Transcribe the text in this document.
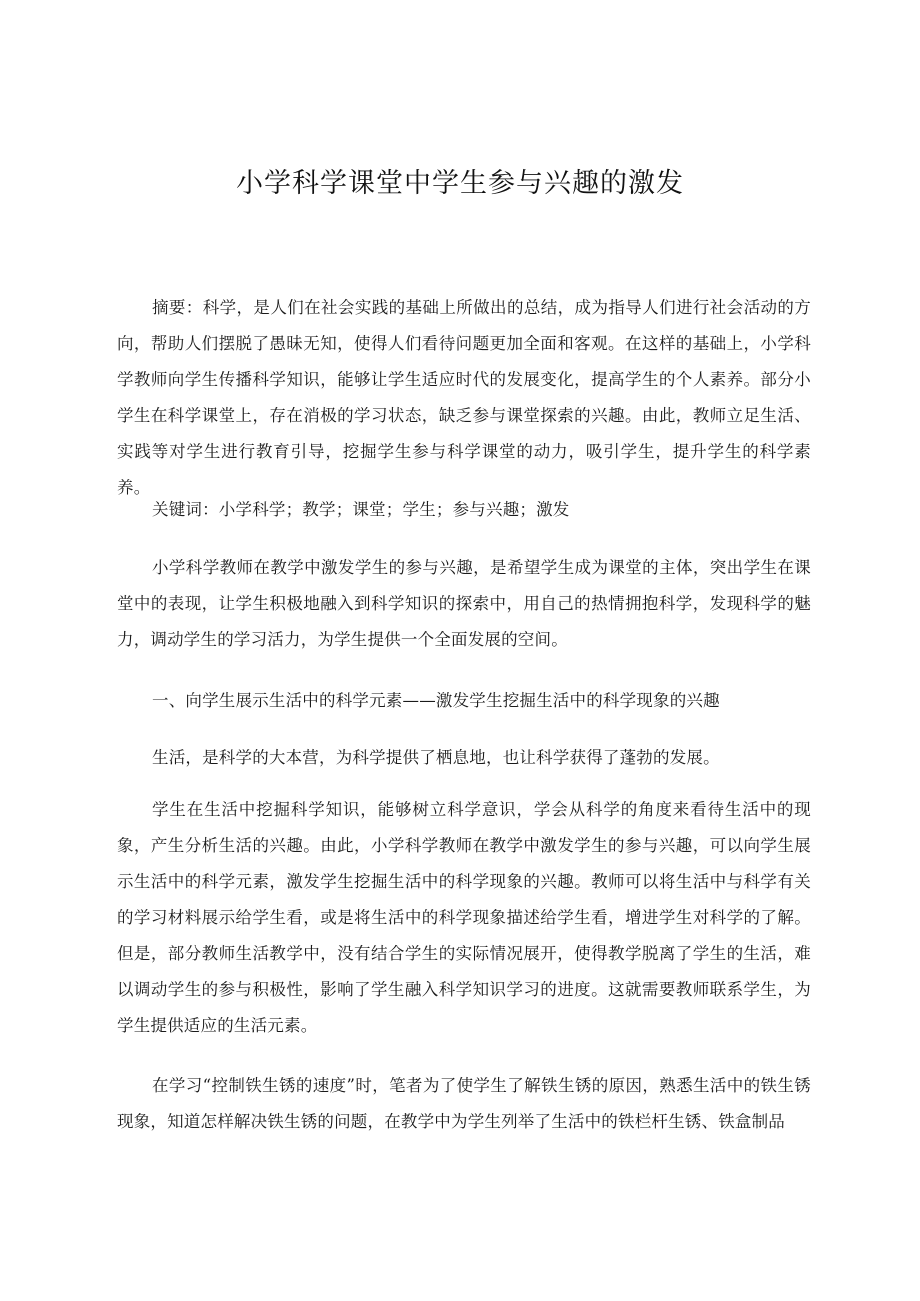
小学科学课堂中学生参与兴趣的激发

摘要：科学，是人们在社会实践的基础上所做出的总结，成为指导人们进行社会活动的方向，帮助人们摆脱了愚昧无知，使得人们看待问题更加全面和客观。在这样的基础上，小学科学教师向学生传播科学知识，能够让学生适应时代的发展变化，提高学生的个人素养。部分小学生在科学课堂上，存在消极的学习状态，缺乏参与课堂探索的兴趣。由此，教师立足生活、实践等对学生进行教育引导，挖掘学生参与科学课堂的动力，吸引学生，提升学生的科学素养。

关键词：小学科学；教学；课堂；学生；参与兴趣；激发

小学科学教师在教学中激发学生的参与兴趣，是希望学生成为课堂的主体，突出学生在课堂中的表现，让学生积极地融入到科学知识的探索中，用自己的热情拥抱科学，发现科学的魅力，调动学生的学习活力，为学生提供一个全面发展的空间。

一、向学生展示生活中的科学元素——激发学生挖掘生活中的科学现象的兴趣

生活，是科学的大本营，为科学提供了栖息地，也让科学获得了蓬勃的发展。

学生在生活中挖掘科学知识，能够树立科学意识，学会从科学的角度来看待生活中的现象，产生分析生活的兴趣。由此，小学科学教师在教学中激发学生的参与兴趣，可以向学生展示生活中的科学元素，激发学生挖掘生活中的科学现象的兴趣。教师可以将生活中与科学有关的学习材料展示给学生看，或是将生活中的科学现象描述给学生看，增进学生对科学的了解。但是，部分教师生活教学中，没有结合学生的实际情况展开，使得教学脱离了学生的生活，难以调动学生的参与积极性，影响了学生融入科学知识学习的进度。这就需要教师联系学生，为学生提供适应的生活元素。

在学习“控制铁生锈的速度”时，笔者为了使学生了解铁生锈的原因，熟悉生活中的铁生锈现象，知道怎样解决铁生锈的问题，在教学中为学生列举了生活中的铁栏杆生锈、铁盒制品
